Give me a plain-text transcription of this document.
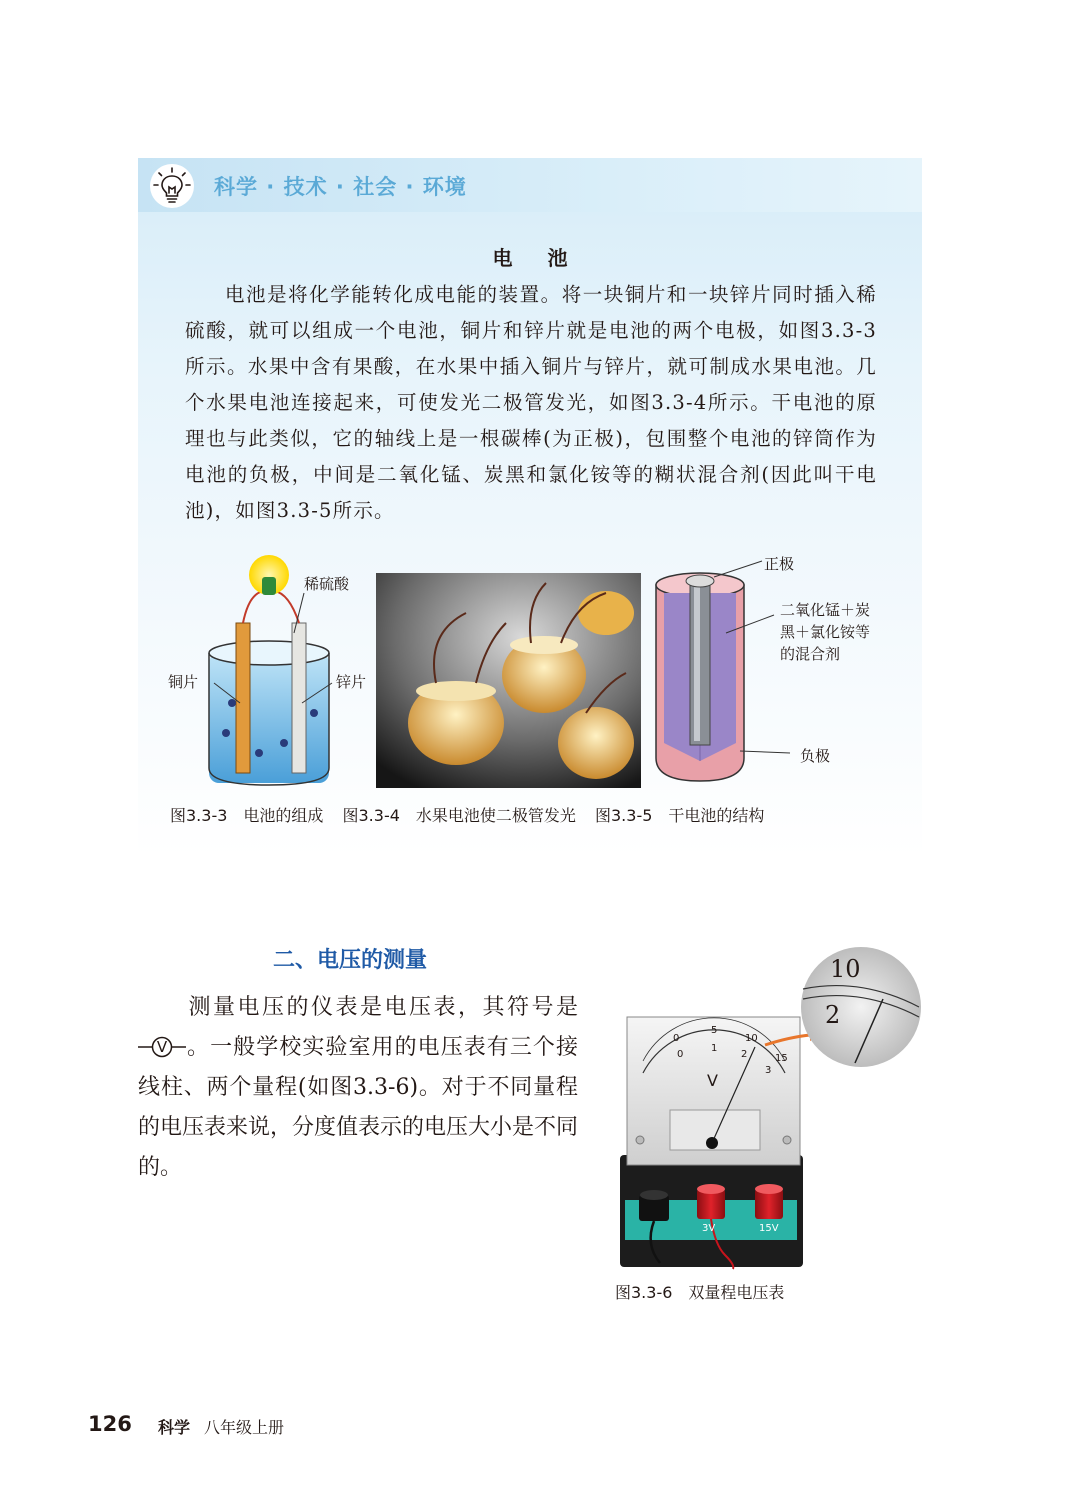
科学 · 技术 · 社会 · 环境
电 池

电池是将化学能转化成电能的装置。将一块铜片和一块锌片同时插入稀硫酸，就可以组成一个电池，铜片和锌片就是电池的两个电极，如图3.3-3所示。水果中含有果酸，在水果中插入铜片与锌片，就可制成水果电池。几个水果电池连接起来，可使发光二极管发光，如图3.3-4所示。干电池的原理也与此类似，它的轴线上是一根碳棒(为正极)，包围整个电池的锌筒作为电池的负极，中间是二氧化锰、炭黑和氯化铵等的糊状混合剂(因此叫干电池)，如图3.3-5所示。

稀硫酸
铜片	锌片
正极
二氧化锰＋炭
黑＋氯化铵等
的混合剂
负极
图3.3-3　电池的组成 图3.3-4　水果电池使二极管发光 图3.3-5　干电池的结构
二、电压的测量

测量电压的仪表是电压表，其符号是
V 。一般学校实验室用的电压表有三个接线柱、两个量程(如图3.3-6)。对于不同量程的电压表来说，分度值表示的电压大小是不同的。

0
5
10
15
0
1
2
3
V
10
2
3V	15V
图3.3-6　双量程电压表
126 科学 八年级上册
